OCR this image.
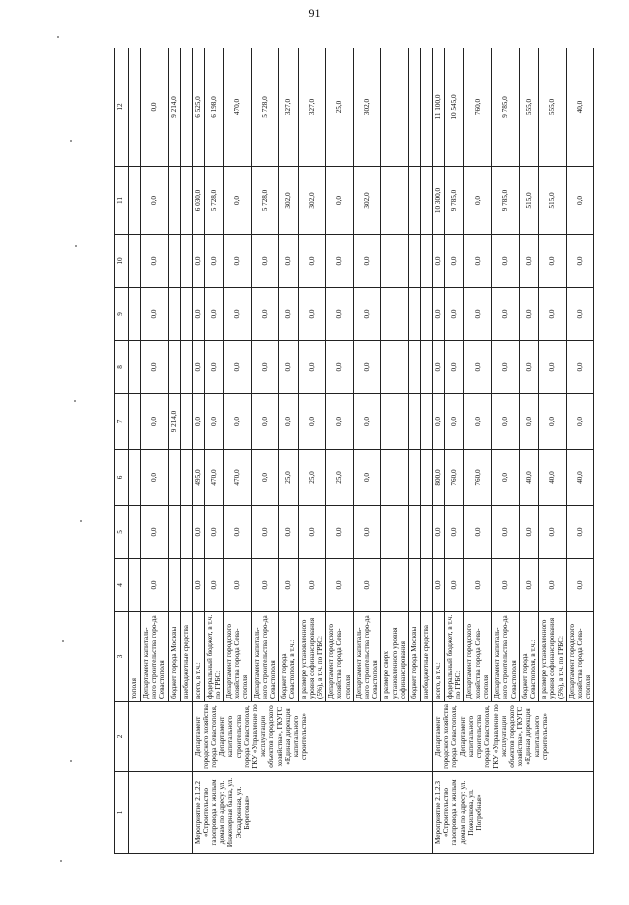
91
1	2	3	4	5	6	7	8	9	10	11	12
		тополя									
		Департамент капиталь-ного строительства горо-да Севастополя	0,0	0,0	0,0	0,0	0,0	0,0	0,0	0,0	0,0
		бюджет города Москвы				9 214,0					9 214,0
		внебюджетные средства									
Мероприятие 2.1.2.2 «Строительство газопровода к жилым домам по адресу: ул. Инженерная балка, ул. Эскадронная, ул. Береговая»	Департамент городского хозяйства города Севастополя, Департамент капитального строительства города Севастополя, ГКУ «Управление по эксплуатации объектов городского хозяйства», ГКУГС «Единая дирекция капитального строительства»	всего, в т.ч.:	0,0	0,0	495,0	0,0	0,0	0,0	0,0	6 030,0	6 525,0
		федеральный бюджет, в т.ч. по ГРБС:	0,0	0,0	470,0	0,0	0,0	0,0	0,0	5 728,0	6 198,0
		Департамент городского хозяйства города Сева-стополя	0,0	0,0	470,0	0,0	0,0	0,0	0,0	0,0	470,0
		Департамент капиталь-ного строительства горо-да Севастополя	0,0	0,0	0,0	0,0	0,0	0,0	0,0	5 728,0	5 728,0
		бюджет города Севастополя, в т.ч.:	0,0	0,0	25,0	0,0	0,0	0,0	0,0	302,0	327,0
		в размере установленного уровня софинансирования (5%), в т.ч. по ГРБС:	0,0	0,0	25,0	0,0	0,0	0,0	0,0	302,0	327,0
		Департамент городского хозяйства города Сева-стополя	0,0	0,0	25,0	0,0	0,0	0,0	0,0	0,0	25,0
		Департамент капиталь-ного строительства горо-да Севастополя	0,0	0,0	0,0	0,0	0,0	0,0	0,0	302,0	302,0
		в размере сверх установленного уровня софинансирования									
		бюджет города Москвы									
		внебюджетные средства									
Мероприятие 2.1.2.3 «Строительство газопровода к жилым домам по адресу: ул. Пожилкова, ул. Погребная»	Департамент городского хозяйства города Севастополя, Департамент капитального строительства города Севастополя, ГКУ «Управление по эксплуатации объектов городского хозяйства», ГКУГС «Единая дирекция капитального строительства»	всего, в т.ч.:	0,0	0,0	800,0	0,0	0,0	0,0	0,0	10 300,0	11 100,0
		федеральный бюджет, в т.ч. по ГРБС:	0,0	0,0	760,0	0,0	0,0	0,0	0,0	9 785,0	10 545,0
		Департамент городского хозяйства города Сева-стополя	0,0	0,0	760,0	0,0	0,0	0,0	0,0	0,0	760,0
		Департамент капиталь-ного строительства горо-да Севастополя	0,0	0,0	0,0	0,0	0,0	0,0	0,0	9 785,0	9 785,0
		бюджет города Севастополя, в т.ч.:	0,0	0,0	40,0	0,0	0,0	0,0	0,0	515,0	555,0
		в размере установленного уровня софинансирования (5%), в т.ч. по ГРБС:	0,0	0,0	40,0	0,0	0,0	0,0	0,0	515,0	555,0
		Департамент городского хозяйства города Сева-стополя	0,0	0,0	40,0	0,0	0,0	0,0	0,0	0,0	40,0
